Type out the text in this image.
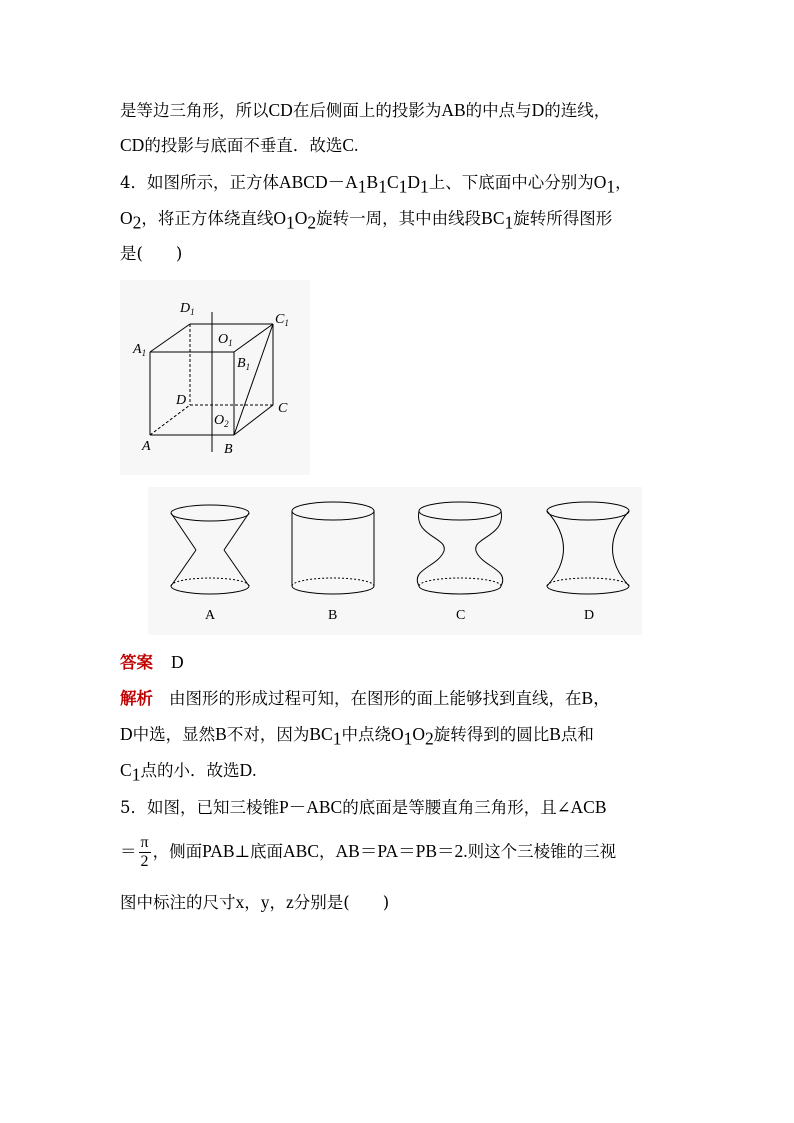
是等边三角形，所以CD在后侧面上的投影为AB的中点与D的连线，
CD的投影与底面不垂直．故选C.
4．如图所示，正方体$ABCD-A_1B_1C_1D_1$上、下底面中心分别为$O_1$，
$O_2$，将正方体绕直线$O_1O_2$旋转一周，其中由线段$BC_1$旋转所得图形
是(　　)
$D_1$	$C_1$
$A_1$
$O_1$
$B_1$
D
C
$O_2$
A	B
A	B	C	D
答案 D
解析 由图形的形成过程可知，在图形的面上能够找到直线，在B，
D中选，显然B不对，因为$BC_1$中点绕$O_1O_2$旋转得到的圆比B点和
$C_1$点的小．故选D.
5．如图，已知三棱锥P－ABC的底面是等腰直角三角形，且∠ACB
＝ $\frac{\pi}{2}$ ，侧面PAB⊥底面ABC，AB＝PA＝PB＝2.则这个三棱锥的三视
图中标注的尺寸x，y，z分别是(　　)
